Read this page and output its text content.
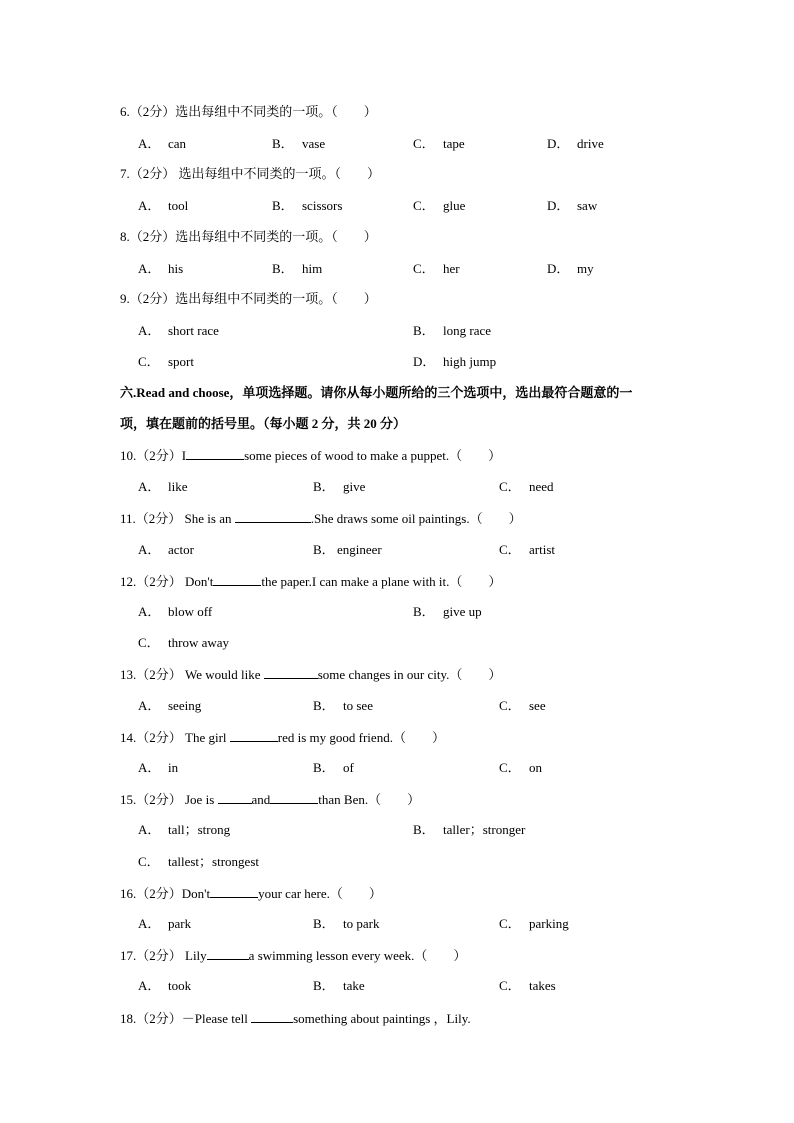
6.（2分）选出每组中不同类的一项。（　　）
A． can	B． vase	C． tape	D． drive
7.（2分） 选出每组中不同类的一项。（　　）
A． tool	B． scissors	C． glue	D． saw
8.（2分）选出每组中不同类的一项。（　　）
A． his	B． him	C． her	D． my
9.（2分）选出每组中不同类的一项。（　　）
A． short race	B． long race
C． sport	D． high jump
六.Read and choose，单项选择题。请你从每小题所给的三个选项中，选出最符合题意的一
项，填在题前的括号里。（每小题 2 分，共 20 分）
10.（2分）I	some pieces of wood to make a puppet.（　　）
A． like	B． give	C． need
11.（2分） She is an	.She draws some oil paintings.（　　）
A． actor	B． engineer	C． artist
12.（2分） Don't	the paper.I can make a plane with it.（　　）
A． blow off	B． give up
C． throw away
13.（2分） We would like	some changes in our city.（　　）
A． seeing	B． to see	C． see
14.（2分） The girl	red is my good friend.（　　）
A． in	B． of	C． on
15.（2分） Joe is	and	than Ben.（　　）
A． tall；strong	B． taller；stronger
C． tallest；strongest
16.（2分）Don't	your car here.（　　）
A． park	B． to park	C． parking
17.（2分） Lily	a swimming lesson every week.（　　）
A． took	B． take	C． takes
18.（2分）－Please tell	something about paintings ，Lily.
